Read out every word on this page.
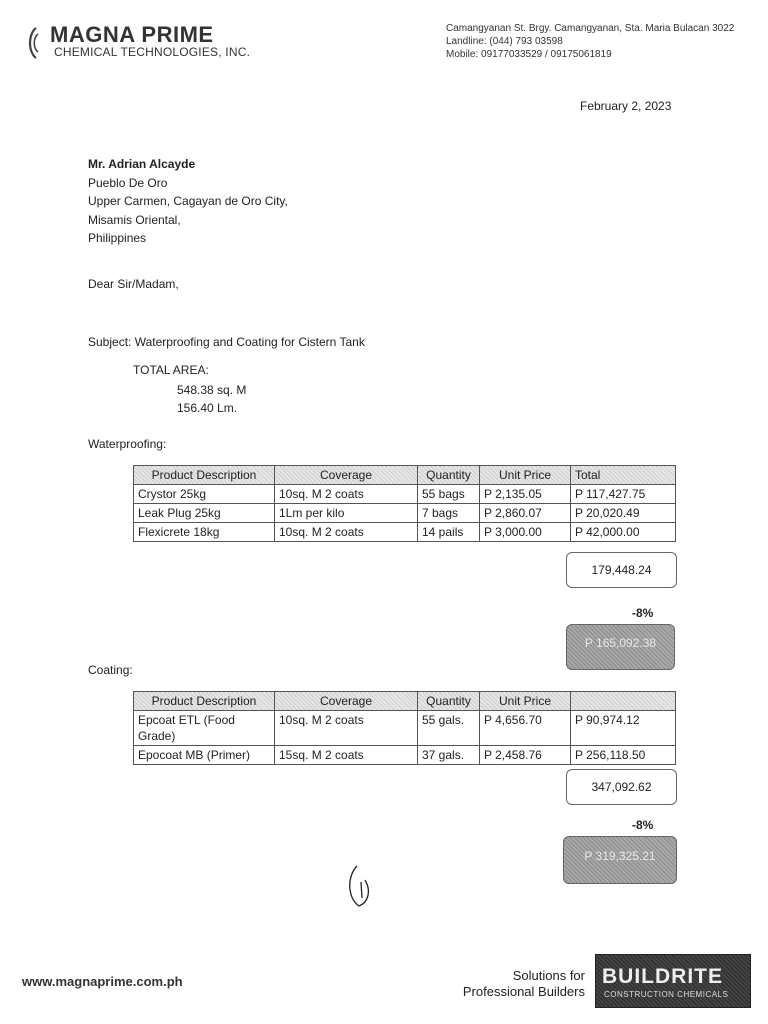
MAGNA PRIME
CHEMICAL TECHNOLOGIES, INC.
Camangyanan St. Brgy. Camangyanan, Sta. Maria Bulacan 3022
Landline: (044) 793 03598
Mobile: 09177033529 / 09175061819
February 2, 2023
Mr. Adrian Alcayde
Pueblo De Oro
Upper Carmen, Cagayan de Oro City,
Misamis Oriental,
Philippines
Dear Sir/Madam,
Subject: Waterproofing and Coating for Cistern Tank
TOTAL AREA:
548.38 sq. M
156.40 Lm.
Waterproofing:
Product Description	Coverage	Quantity	Unit Price	Total
Crystor 25kg	10sq. M 2 coats	55 bags	P 2,135.05	P 117,427.75
Leak Plug 25kg	1Lm per kilo	7 bags	P 2,860.07	P 20,020.49
Flexicrete 18kg	10sq. M 2 coats	14 pails	P 3,000.00	P 42,000.00
179,448.24
-8%
P 165,092.38
Coating:
Product Description	Coverage	Quantity	Unit Price	
Epcoat ETL (Food Grade)	10sq. M 2 coats	55 gals.	P 4,656.70	P 90,974.12
Epocoat MB (Primer)	15sq. M 2 coats	37 gals.	P 2,458.76	P 256,118.50
347,092.62
-8%
P 319,325.21
www.magnaprime.com.ph	Solutions for
Professional Builders
BUILDRITE
CONSTRUCTION CHEMICALS
